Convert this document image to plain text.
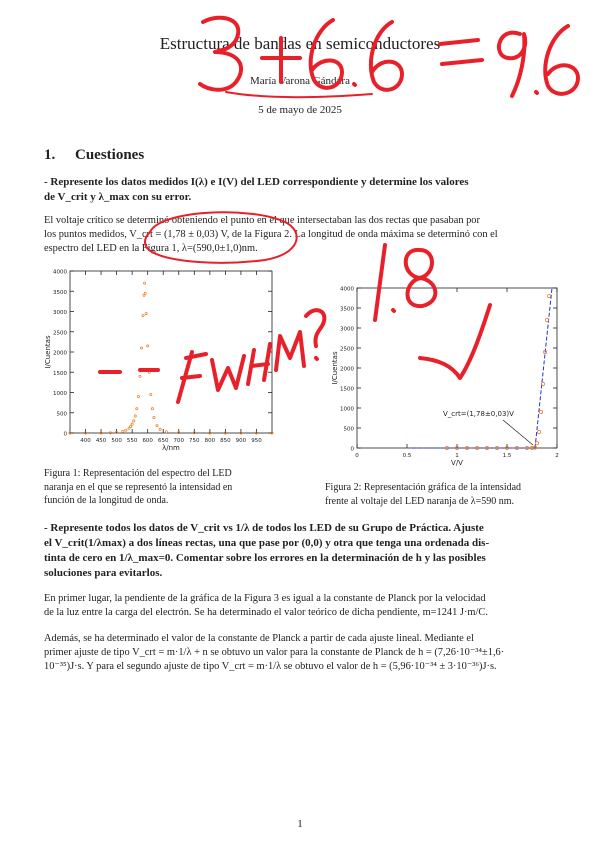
Estructura de bandas en semiconductores
María Varona Gándara
5 de mayo de 2025
1. Cuestiones
- Represente los datos medidos I(λ) e I(V) del LED correspondiente y determine los valores
de V_crit y λ_max con su error.
El voltaje crítico se determinó obteniendo el punto en el que intersectaban las dos rectas que pasaban por
los puntos medidos, V_crt = (1,78 ± 0,03) V, de la Figura 2. La longitud de onda máxima se determinó con el
espectro del LED en la Figura 1, λ=(590,0±1,0)nm.
0
500
1000
1500
2000
2500
3000
3500
4000
400 450 500 550 600 650 700 750 800 850 900 950
λ/nm
I/Cuentas
0
500
1000
1500
2000
2500
3000
3500
4000
0	0.5	1	1.5	2
V/V
I/Cuentas
V_crt=(1,78±0,03)V
Figura 1: Representación del espectro del LED
naranja en el que se representó la intensidad en
función de la longitud de onda.
Figura 2: Representación gráfica de la intensidad
frente al voltaje del LED naranja de λ=590 nm.
- Represente todos los datos de V_crit vs 1/λ de todos los LED de su Grupo de Práctica. Ajuste
el V_crit(1/λmax) a dos líneas rectas, una que pase por (0,0) y otra que tenga una ordenada dis-
tinta de cero en 1/λ_max=0. Comentar sobre los errores en la determinación de h y las posibles
soluciones para evitarlos.
En primer lugar, la pendiente de la gráfica de la Figura 3 es igual a la constante de Planck por la velocidad
de la luz entre la carga del electrón. Se ha determinado el valor teórico de dicha pendiente, m=1241 J·m/C.
Además, se ha determinado el valor de la constante de Planck a partir de cada ajuste lineal. Mediante el
primer ajuste de tipo V_crt = m·1/λ + n se obtuvo un valor para la constante de Planck de h = (7,26·10⁻³⁴±1,6·
10⁻³⁵)J·s. Y para el segundo ajuste de tipo V_crt = m·1/λ se obtuvo el valor de h = (5,96·10⁻³⁴ ± 3·10⁻³⁶)J·s.
1
